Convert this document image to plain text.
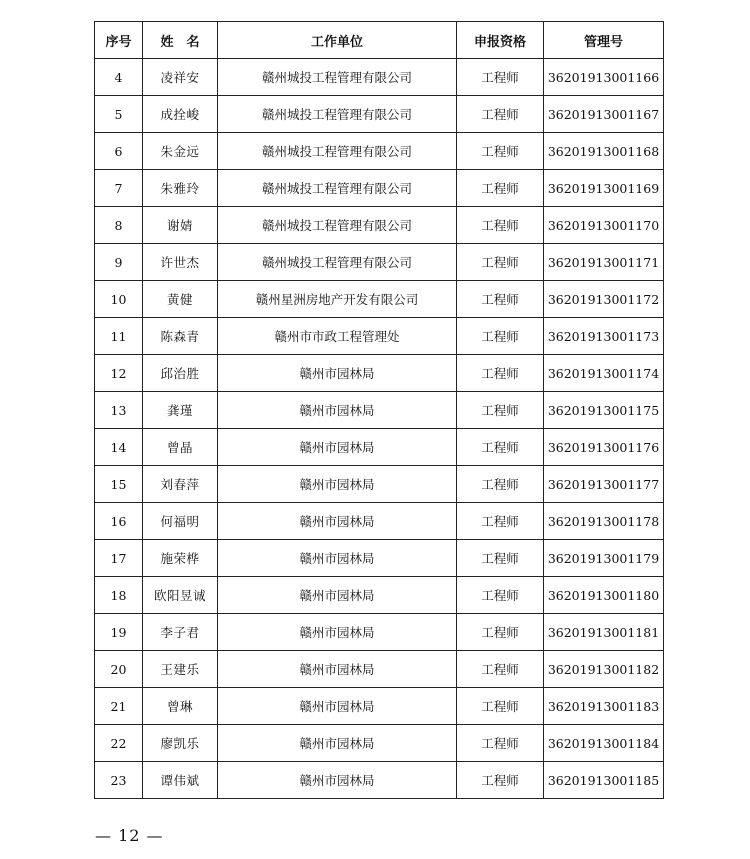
序号	姓　名	工作单位	申报资格	管理号
4	凌祥安	赣州城投工程管理有限公司	工程师	36201913001166
5	成拴峻	赣州城投工程管理有限公司	工程师	36201913001167
6	朱金远	赣州城投工程管理有限公司	工程师	36201913001168
7	朱雅玲	赣州城投工程管理有限公司	工程师	36201913001169
8	谢婧	赣州城投工程管理有限公司	工程师	36201913001170
9	许世杰	赣州城投工程管理有限公司	工程师	36201913001171
10	黄健	赣州星洲房地产开发有限公司	工程师	36201913001172
11	陈森青	赣州市市政工程管理处	工程师	36201913001173
12	邱治胜	赣州市园林局	工程师	36201913001174
13	龚瑾	赣州市园林局	工程师	36201913001175
14	曾晶	赣州市园林局	工程师	36201913001176
15	刘春萍	赣州市园林局	工程师	36201913001177
16	何福明	赣州市园林局	工程师	36201913001178
17	施荣桦	赣州市园林局	工程师	36201913001179
18	欧阳昱诚	赣州市园林局	工程师	36201913001180
19	李子君	赣州市园林局	工程师	36201913001181
20	王建乐	赣州市园林局	工程师	36201913001182
21	曾琳	赣州市园林局	工程师	36201913001183
22	廖凯乐	赣州市园林局	工程师	36201913001184
23	谭伟斌	赣州市园林局	工程师	36201913001185
— 12 —
